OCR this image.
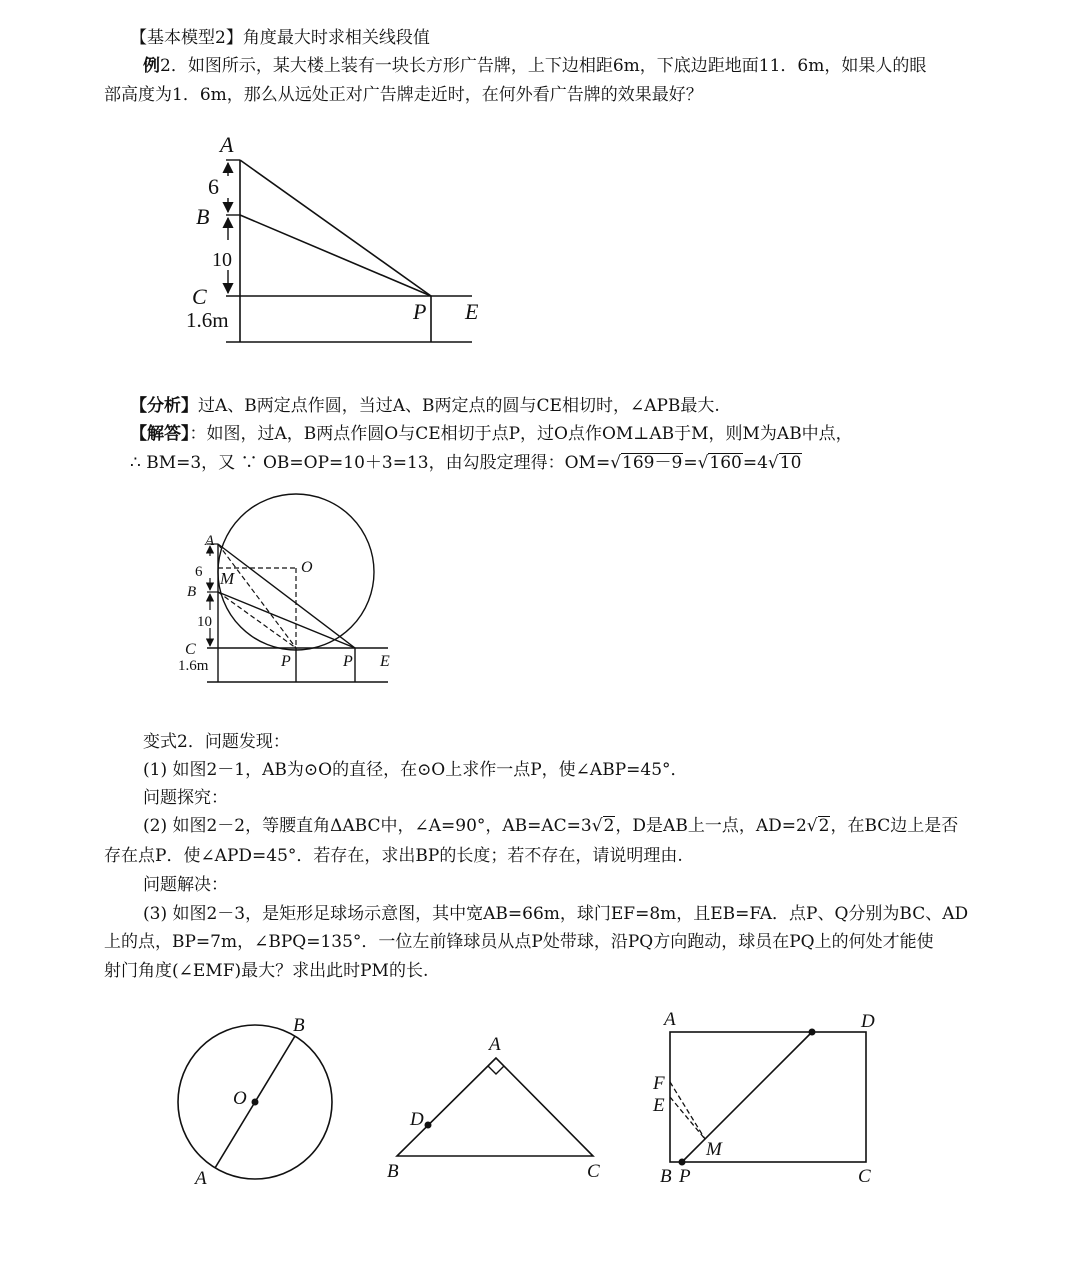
【基本模型2】角度最大时求相关线段值
例2．如图所示，某大楼上装有一块长方形广告牌，上下边相距6m，下底边距地面11．6m，如果人的眼
部高度为1．6m，那么从远处正对广告牌走近时，在何外看广告牌的效果最好？
A
6
B
10
C
1.6m	P E
【分析】过A、B两定点作圆，当过A、B两定点的圆与CE相切时，∠APB最大.
【解答】：如图，过A，B两点作圆O与CE相切于点P，过O点作OM⊥AB于M，则M为AB中点，
∴ BM=3，又 ∵ OB=OP=10＋3=13，由勾股定理得：OM=√169－9=√160=4√10
A
6 M
O
B
10
C
1.6m	P	P E
变式2．问题发现：
(1) 如图2－1，AB为⊙O的直径，在⊙O上求作一点P，使∠ABP=45°．
问题探究：
(2) 如图2－2，等腰直角ΔABC中，∠A=90°，AB=AC=3√2，D是AB上一点，AD=2√2，在BC边上是否
存在点P．使∠APD=45°．若存在，求出BP的长度；若不存在，请说明理由.
问题解决：
(3) 如图2－3，是矩形足球场示意图，其中宽AB=66m，球门EF=8m，且EB=FA．点P、Q分别为BC、AD
上的点，BP=7m，∠BPQ=135°．一位左前锋球员从点P处带球，沿PQ方向跑动，球员在PQ上的何处才能使
射门角度(∠EMF)最大？求出此时PM的长.
B
O
A
A
D
B	C
A	D
F
E
M
B P	C
